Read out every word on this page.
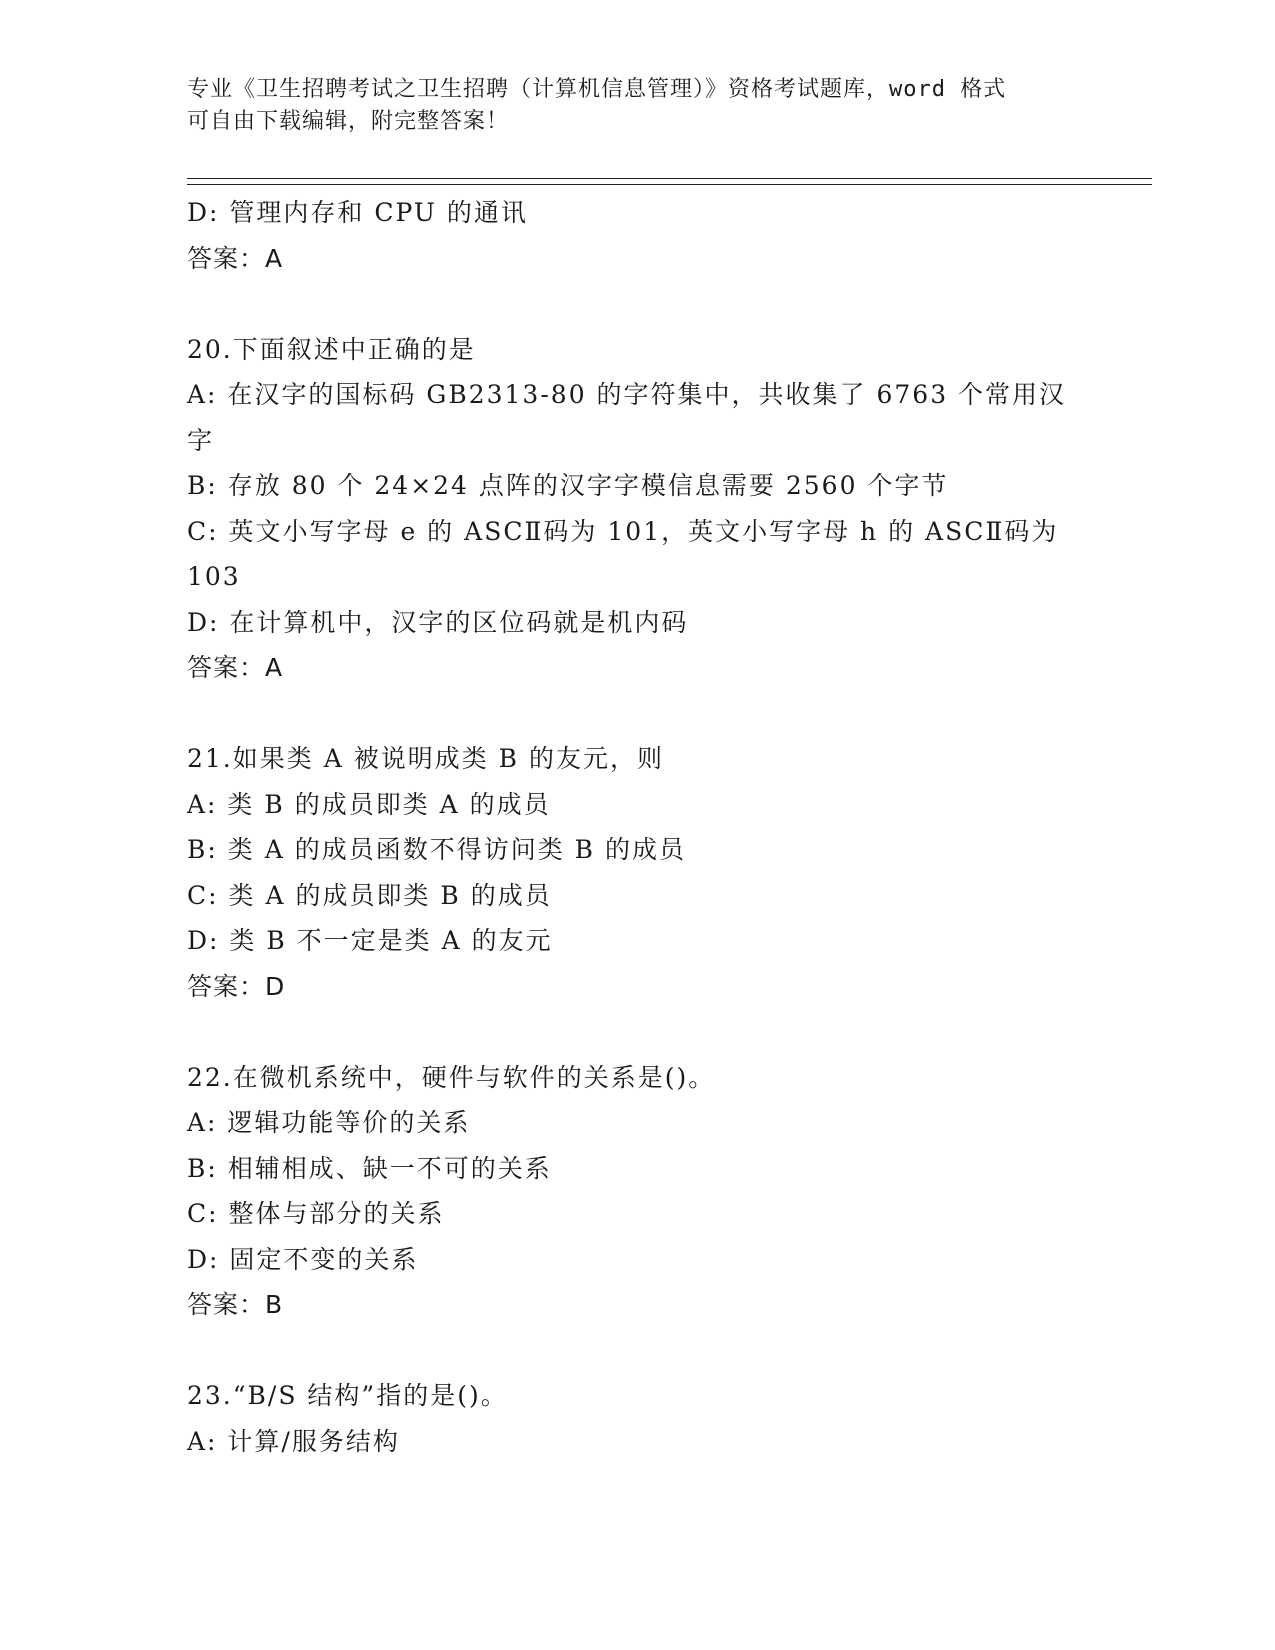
专业《卫生招聘考试之卫生招聘（计算机信息管理）》资格考试题库，word 格式
可自由下载编辑，附完整答案！
D: 管理内存和 CPU 的通讯
答案：A
20.下面叙述中正确的是
A: 在汉字的国标码 GB2313-80 的字符集中，共收集了 6763 个常用汉
字
B: 存放 80 个 24×24 点阵的汉字字模信息需要 2560 个字节
C: 英文小写字母 e 的 ASCⅡ码为 101，英文小写字母 h 的 ASCⅡ码为
103
D: 在计算机中，汉字的区位码就是机内码
答案：A
21.如果类 A 被说明成类 B 的友元，则
A: 类 B 的成员即类 A 的成员
B: 类 A 的成员函数不得访问类 B 的成员
C: 类 A 的成员即类 B 的成员
D: 类 B 不一定是类 A 的友元
答案：D
22.在微机系统中，硬件与软件的关系是()。
A: 逻辑功能等价的关系
B: 相辅相成、缺一不可的关系
C: 整体与部分的关系
D: 固定不变的关系
答案：B
23.“B/S 结构”指的是()。
A: 计算/服务结构
